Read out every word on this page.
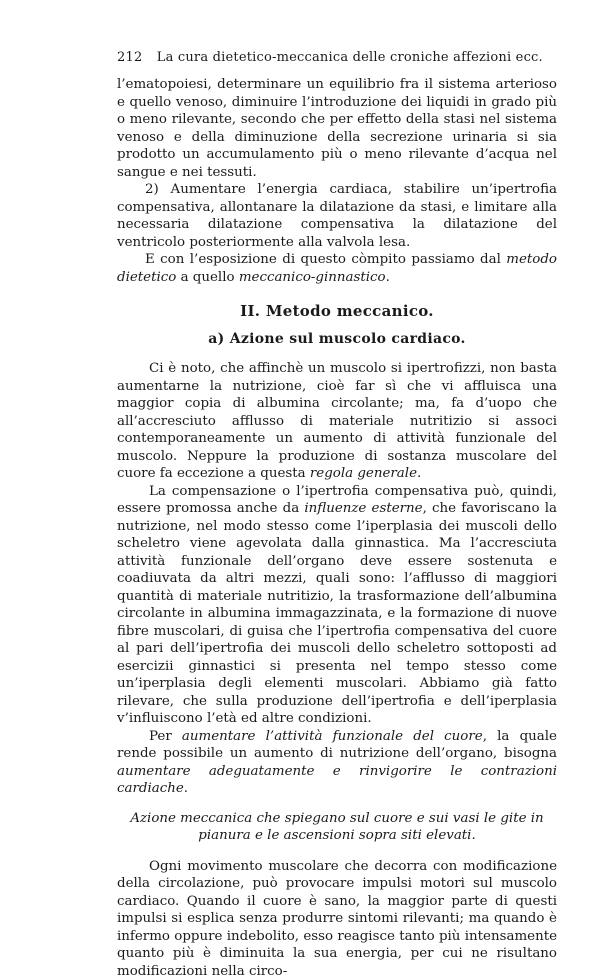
212 La cura dietetico-meccanica delle croniche affezioni ecc.

l’ematopoiesi, determinare un equilibrio fra il sistema arterioso e quello venoso, diminuire l’introduzione dei liquidi in grado più o meno rilevante, secondo che per effetto della stasi nel sistema venoso e della diminuzione della secrezione urinaria si sia prodotto un accumulamento più o meno rilevante d’acqua nel sangue e nei tessuti.

2) Aumentare l’energia cardiaca, stabilire un’ipertrofia compensativa, allontanare la dilatazione da stasi, e limitare alla necessaria dilatazione compensativa la dilatazione del ventricolo posteriormente alla valvola lesa.

E con l’esposizione di questo còmpito passiamo dal metodo dietetico a quello meccanico-ginnastico.

II. Metodo meccanico.
a) Azione sul muscolo cardiaco.

Ci è noto, che affinchè un muscolo si ipertrofizzi, non basta aumentarne la nutrizione, cioè far sì che vi affluisca una maggior copia di albumina circolante; ma, fa d’uopo che all’accresciuto afflusso di materiale nutritizio si associ contemporaneamente un aumento di attività funzionale del muscolo. Neppure la produzione di sostanza muscolare del cuore fa eccezione a questa regola generale.

La compensazione o l’ipertrofia compensativa può, quindi, essere promossa anche da influenze esterne, che favoriscano la nutrizione, nel modo stesso come l’iperplasia dei muscoli dello scheletro viene agevolata dalla ginnastica. Ma l’accresciuta attività funzionale dell’organo deve essere sostenuta e coadiuvata da altri mezzi, quali sono: l’afflusso di maggiori quantità di materiale nutritizio, la trasformazione dell’albumina circolante in albumina immagazzinata, e la formazione di nuove fibre muscolari, di guisa che l’ipertrofia compensativa del cuore al pari dell’ipertrofia dei muscoli dello scheletro sottoposti ad esercizii ginnastici si presenta nel tempo stesso come un’iperplasia degli elementi muscolari. Abbiamo già fatto rilevare, che sulla produzione dell’ipertrofia e dell’iperplasia v’influiscono l’età ed altre condizioni.

Per aumentare l’attività funzionale del cuore, la quale rende possibile un aumento di nutrizione dell’organo, bisogna aumentare adeguatamente e rinvigorire le contrazioni cardiache.

Azione meccanica che spiegano sul cuore e sui vasi le gite in pianura e le ascensioni sopra siti elevati.

Ogni movimento muscolare che decorra con modificazione della circolazione, può provocare impulsi motori sul muscolo cardiaco. Quando il cuore è sano, la maggior parte di questi impulsi si esplica senza produrre sintomi rilevanti; ma quando è infermo oppure indebolito, esso reagisce tanto più intensamente quanto più è diminuita la sua energia, per cui ne risultano modificazioni nella circo-
